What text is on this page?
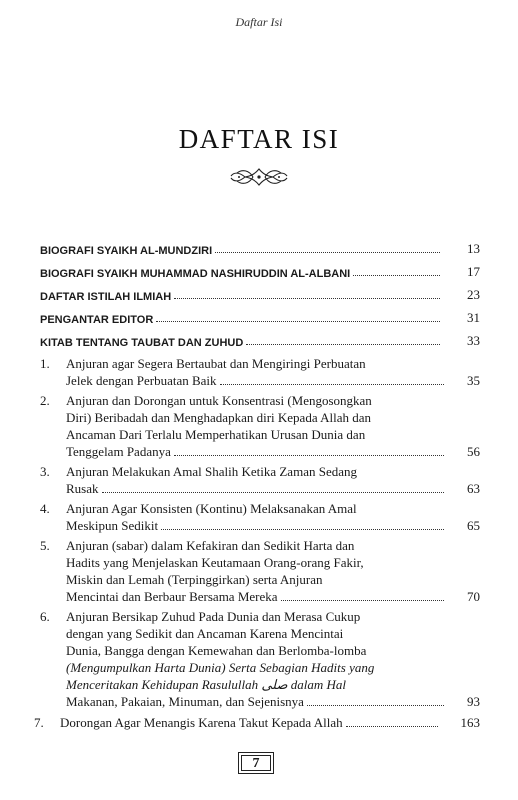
Daftar Isi
DAFTAR ISI
BIOGRAFI SYAIKH AL-MUNDZIRI	13
BIOGRAFI SYAIKH MUHAMMAD NASHIRUDDIN AL-ALBANI	17
DAFTAR ISTILAH ILMIAH	23
PENGANTAR EDITOR	31
KITAB TENTANG TAUBAT DAN ZUHUD	33
1.	Anjuran agar Segera Bertaubat dan Mengiringi Perbuatan
Jelek dengan Perbuatan Baik	35
2.	Anjuran dan Dorongan untuk Konsentrasi (Mengosongkan
Diri) Beribadah dan Menghadapkan diri Kepada Allah dan
Ancaman Dari Terlalu Memperhatikan Urusan Dunia dan
Tenggelam Padanya	56
3.	Anjuran Melakukan Amal Shalih Ketika Zaman Sedang
Rusak	63
4.	Anjuran Agar Konsisten (Kontinu) Melaksanakan Amal
Meskipun Sedikit	65
5.	Anjuran (sabar) dalam Kefakiran dan Sedikit Harta dan
Hadits yang Menjelaskan Keutamaan Orang-orang Fakir,
Miskin dan Lemah (Terpinggirkan) serta Anjuran
Mencintai dan Berbaur Bersama Mereka	70
6.	Anjuran Bersikap Zuhud Pada Dunia dan Merasa Cukup
dengan yang Sedikit dan Ancaman Karena Mencintai
Dunia, Bangga dengan Kemewahan dan Berlomba-lomba
(Mengumpulkan Harta Dunia) Serta Sebagian Hadits yang
Menceritakan Kehidupan Rasulullah صلى dalam Hal
Makanan, Pakaian, Minuman, dan Sejenisnya	93
7.	Dorongan Agar Menangis Karena Takut Kepada Allah	163
7
